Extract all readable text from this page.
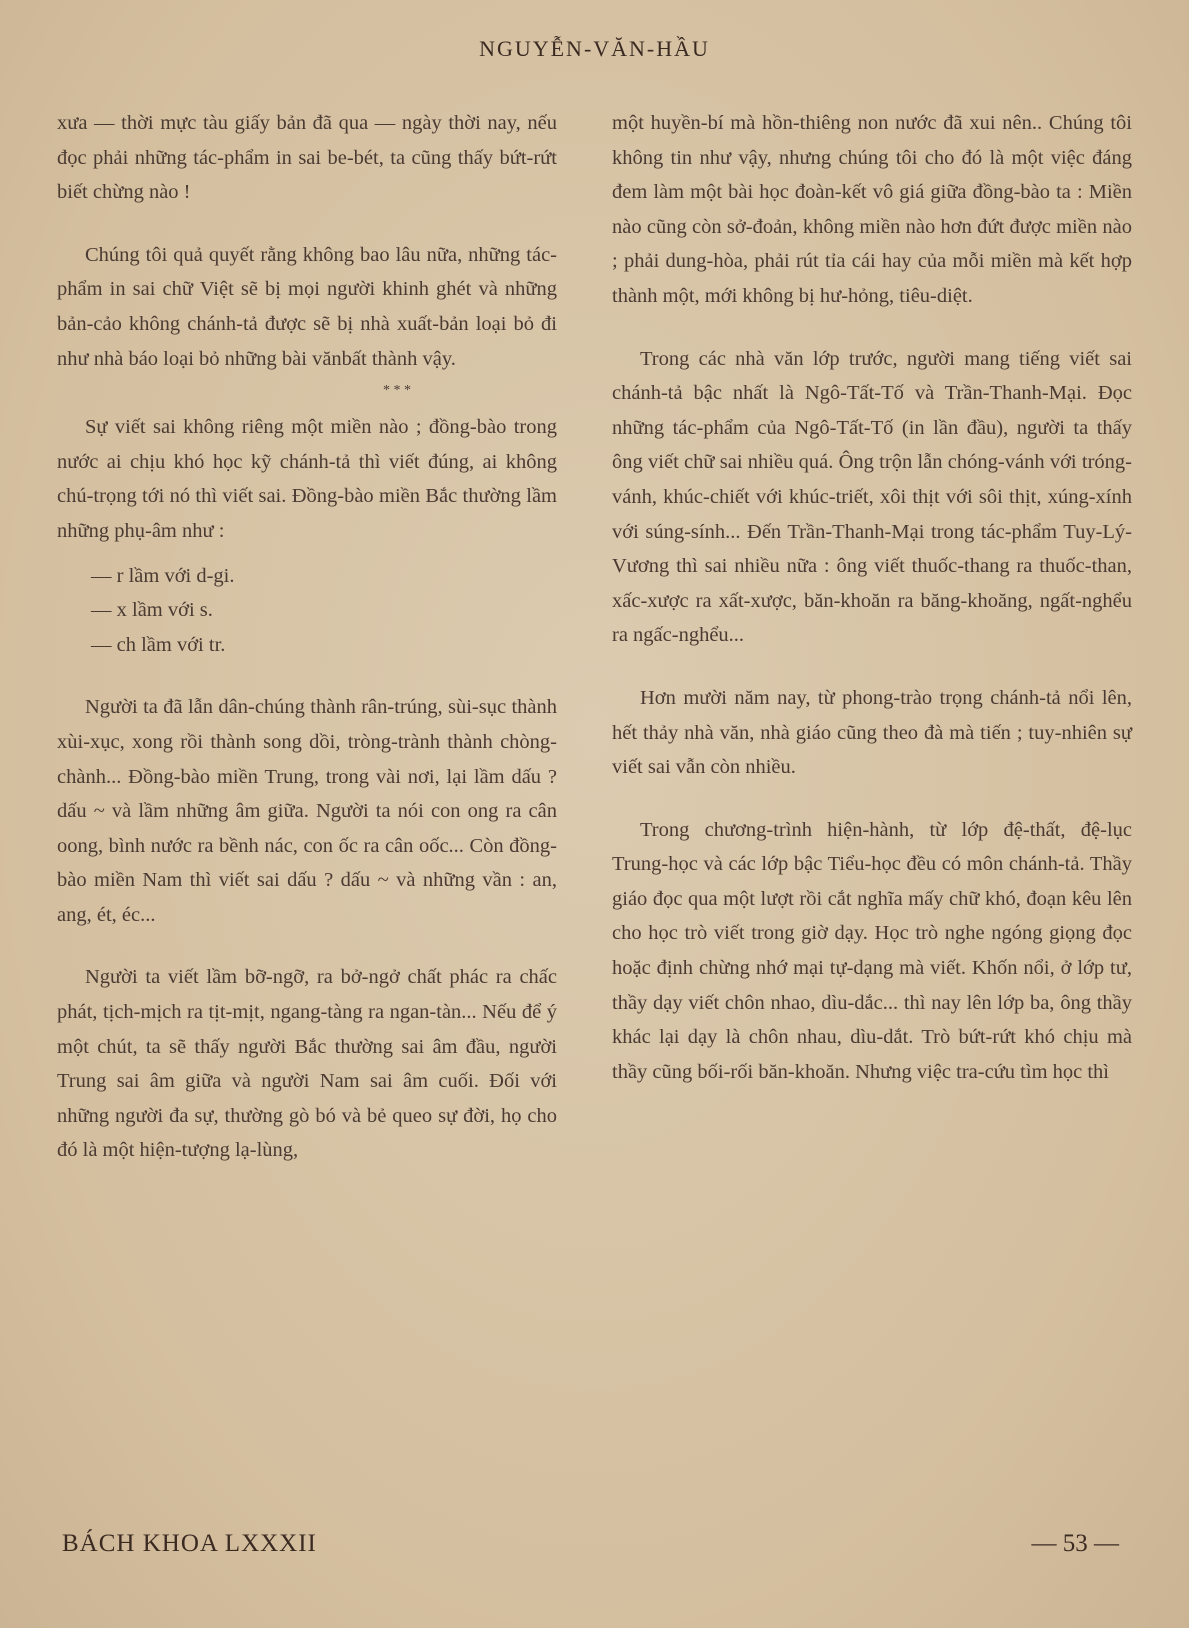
NGUYỄN-VĂN-HẦU

xưa — thời mực tàu giấy bản đã qua — ngày thời nay, nếu đọc phải những tác-phẩm in sai be-bét, ta cũng thấy bứt-rứt biết chừng nào !

Chúng tôi quả quyết rằng không bao lâu nữa, những tác-phẩm in sai chữ Việt sẽ bị mọi người khinh ghét và những bản-cảo không chánh-tả được sẽ bị nhà xuất-bản loại bỏ đi như nhà báo loại bỏ những bài vănbất thành vậy.

* * *

Sự viết sai không riêng một miền nào ; đồng-bào trong nước ai chịu khó học kỹ chánh-tả thì viết đúng, ai không chú-trọng tới nó thì viết sai. Đồng-bào miền Bắc thường lầm những phụ-âm như :

— r lầm với d-gi.

— x lầm với s.

— ch lầm với tr.

Người ta đã lẫn dân-chúng thành rân-trúng, sùi-sục thành xùi-xục, xong rồi thành song dồi, tròng-trành thành chòng-chành... Đồng-bào miền Trung, trong vài nơi, lại lầm dấu ? dấu ~ và lầm những âm giữa. Người ta nói con ong ra cân oong, bình nước ra bềnh nác, con ốc ra cân oốc... Còn đồng-bào miền Nam thì viết sai dấu ? dấu ~ và những vần : an, ang, ét, éc...

Người ta viết lầm bỡ-ngỡ, ra bở-ngở chất phác ra chấc phát, tịch-mịch ra tịt-mịt, ngang-tàng ra ngan-tàn... Nếu để ý một chút, ta sẽ thấy người Bắc thường sai âm đầu, người Trung sai âm giữa và người Nam sai âm cuối. Đối với những người đa sự, thường gò bó và bẻ queo sự đời, họ cho đó là một hiện-tượng lạ-lùng,

một huyền-bí mà hồn-thiêng non nước đã xui nên.. Chúng tôi không tin như vậy, nhưng chúng tôi cho đó là một việc đáng đem làm một bài học đoàn-kết vô giá giữa đồng-bào ta : Miền nào cũng còn sở-đoản, không miền nào hơn đứt được miền nào ; phải dung-hòa, phải rút tỉa cái hay của mỗi miền mà kết hợp thành một, mới không bị hư-hỏng, tiêu-diệt.

Trong các nhà văn lớp trước, người mang tiếng viết sai chánh-tả bậc nhất là Ngô-Tất-Tố và Trần-Thanh-Mại. Đọc những tác-phẩm của Ngô-Tất-Tố (in lần đầu), người ta thấy ông viết chữ sai nhiều quá. Ông trộn lẫn chóng-vánh với tróng-vánh, khúc-chiết với khúc-triết, xôi thịt với sôi thịt, xúng-xính với súng-sính... Đến Trần-Thanh-Mại trong tác-phẩm Tuy-Lý-Vương thì sai nhiều nữa : ông viết thuốc-thang ra thuốc-than, xấc-xược ra xất-xược, băn-khoăn ra băng-khoăng, ngất-nghểu ra ngấc-nghểu...

Hơn mười năm nay, từ phong-trào trọng chánh-tả nổi lên, hết thảy nhà văn, nhà giáo cũng theo đà mà tiến ; tuy-nhiên sự viết sai vẫn còn nhiều.

Trong chương-trình hiện-hành, từ lớp đệ-thất, đệ-lục Trung-học và các lớp bậc Tiểu-học đều có môn chánh-tả. Thầy giáo đọc qua một lượt rồi cắt nghĩa mấy chữ khó, đoạn kêu lên cho học trò viết trong giờ dạy. Học trò nghe ngóng giọng đọc hoặc định chừng nhớ mại tự-dạng mà viết. Khốn nổi, ở lớp tư, thầy dạy viết chôn nhao, dìu-dắc... thì nay lên lớp ba, ông thầy khác lại dạy là chôn nhau, dìu-dắt. Trò bứt-rứt khó chịu mà thầy cũng bối-rối băn-khoăn. Nhưng việc tra-cứu tìm học thì

BÁCH KHOA LXXXII	— 53 —
